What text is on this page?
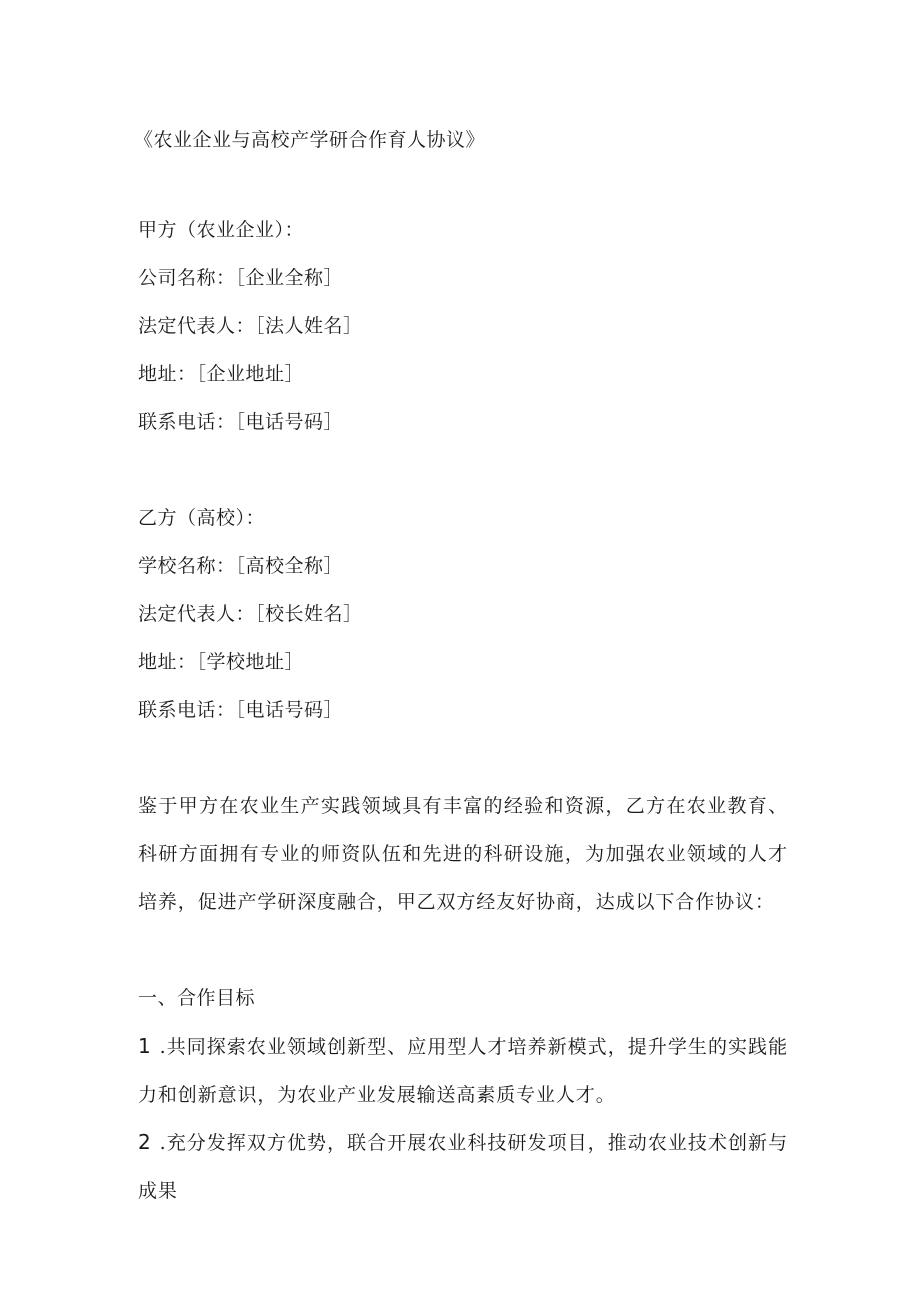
《农业企业与高校产学研合作育人协议》
甲方（农业企业）：
公司名称：［企业全称］
法定代表人：［法人姓名］
地址：［企业地址］
联系电话：［电话号码］
乙方（高校）：
学校名称：［高校全称］
法定代表人：［校长姓名］
地址：［学校地址］
联系电话：［电话号码］
鉴于甲方在农业生产实践领域具有丰富的经验和资源，乙方在农业教育、科研方面拥有专业的师资队伍和先进的科研设施，为加强农业领域的人才培养，促进产学研深度融合，甲乙双方经友好协商，达成以下合作协议：
一、合作目标
1 .共同探索农业领域创新型、应用型人才培养新模式，提升学生的实践能力和创新意识，为农业产业发展输送高素质专业人才。
2 .充分发挥双方优势，联合开展农业科技研发项目，推动农业技术创新与成果
